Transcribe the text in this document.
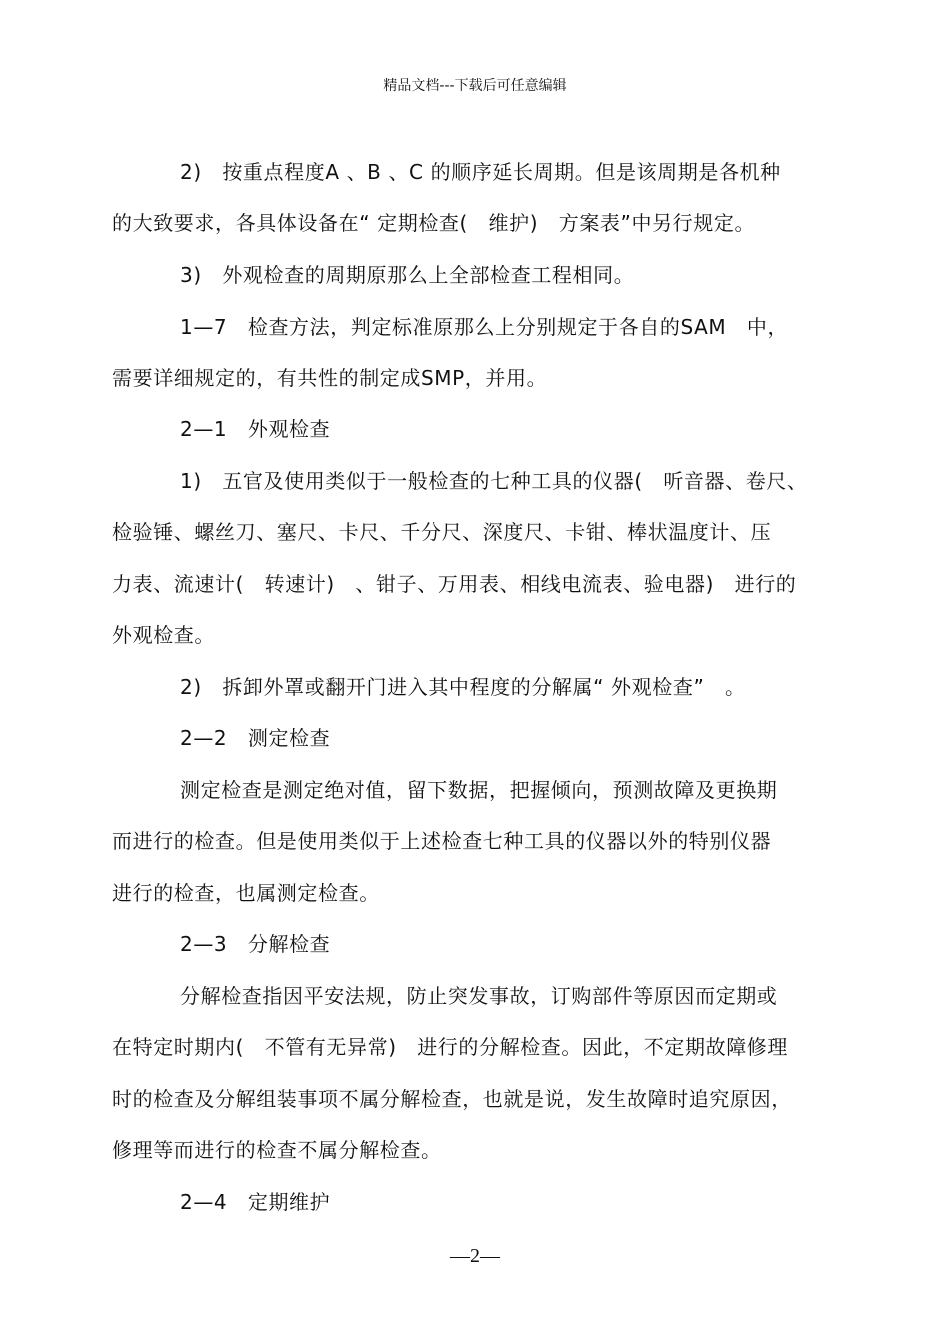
精品文档---下载后可任意编辑
2)　按重点程度A 、B 、C 的顺序延长周期。但是该周期是各机种
的大致要求，各具体设备在“ 定期检查(　维护)　方案表”中另行规定。
3)　外观检查的周期原那么上全部检查工程相同。
1—7　检查方法，判定标准原那么上分别规定于各自的SAM　中，
需要详细规定的，有共性的制定成SMP，并用。
2—1　外观检查
1)　五官及使用类似于一般检查的七种工具的仪器(　听音器、卷尺、
检验锤、螺丝刀、塞尺、卡尺、千分尺、深度尺、卡钳、棒状温度计、压
力表、流速计(　转速计)　、钳子、万用表、相线电流表、验电器)　进行的
外观检查。
2)　拆卸外罩或翻开门进入其中程度的分解属“ 外观检查”　。
2—2　测定检查
测定检查是测定绝对值，留下数据，把握倾向，预测故障及更换期
而进行的检查。但是使用类似于上述检查七种工具的仪器以外的特别仪器
进行的检查，也属测定检查。
2—3　分解检查
分解检查指因平安法规，防止突发事故，订购部件等原因而定期或
在特定时期内(　不管有无异常)　进行的分解检查。因此，不定期故障修理
时的检查及分解组装事项不属分解检查，也就是说，发生故障时追究原因，
修理等而进行的检查不属分解检查。
2—4　定期维护
—2—
